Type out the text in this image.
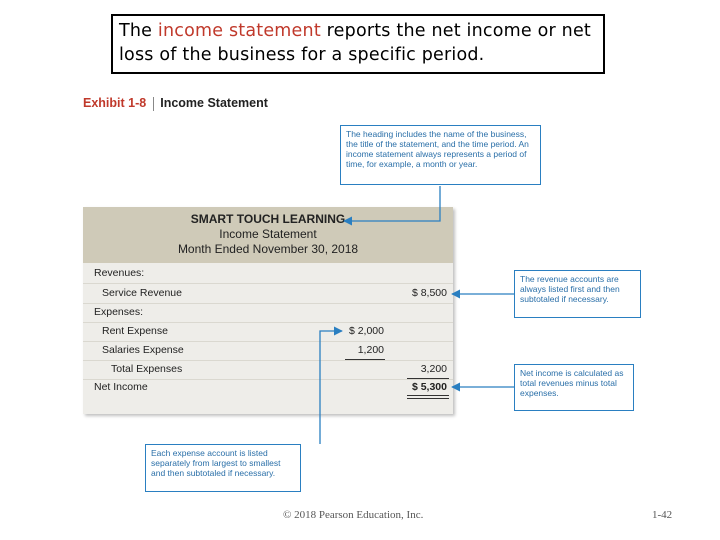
The income statement reports the net income or net loss of the business for a specific period.
Exhibit 1-8 Income Statement
SMART TOUCH LEARNING
Income Statement
Month Ended November 30, 2018
Revenues:
Service Revenue	$ 8,500
Expenses:
Rent Expense	$ 2,000
Salaries Expense	1,200
Total Expenses	3,200
Net Income	$ 5,300
The heading includes the name of the business, the title of the statement, and the time period. An income statement always represents a period of time, for example, a month or year.
The revenue accounts are always listed first and then subtotaled if necessary.
Net income is calculated as total revenues minus total expenses.
Each expense account is listed separately from largest to smallest and then subtotaled if necessary.
© 2018 Pearson Education, Inc.	1-42
